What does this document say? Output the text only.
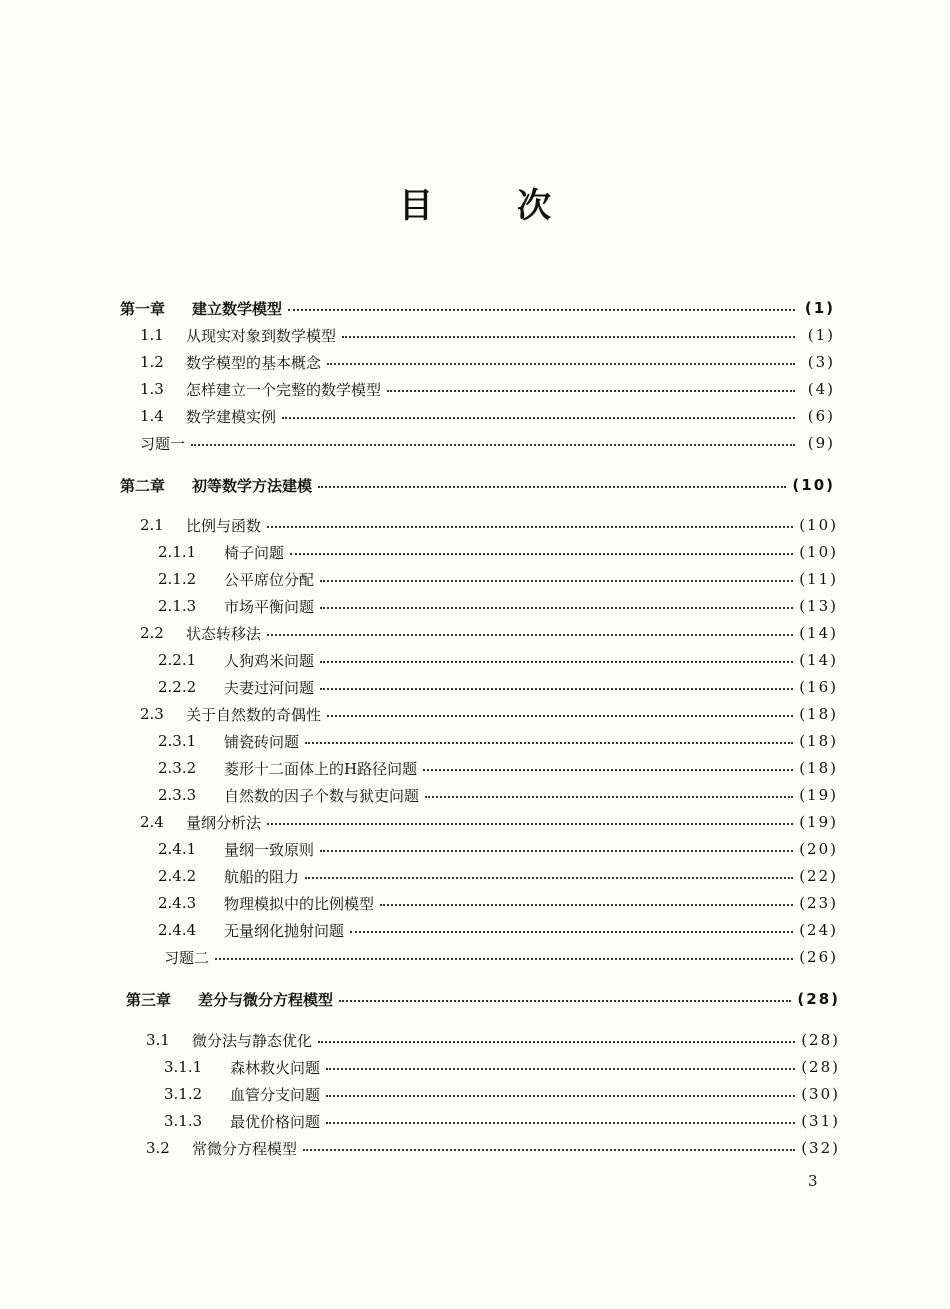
目 次
第一章	建立数学模型	(1)
1.1	从现实对象到数学模型	(1)
1.2	数学模型的基本概念	(3)
1.3	怎样建立一个完整的数学模型	(4)
1.4	数学建模实例	(6)
习题一	(9)
第二章	初等数学方法建模	(10)
2.1	比例与函数	(10)
2.1.1	椅子问题	(10)
2.1.2	公平席位分配	(11)
2.1.3	市场平衡问题	(13)
2.2	状态转移法	(14)
2.2.1	人狗鸡米问题	(14)
2.2.2	夫妻过河问题	(16)
2.3	关于自然数的奇偶性	(18)
2.3.1	铺瓷砖问题	(18)
2.3.2	菱形十二面体上的H路径问题	(18)
2.3.3	自然数的因子个数与狱吏问题	(19)
2.4	量纲分析法	(19)
2.4.1	量纲一致原则	(20)
2.4.2	航船的阻力	(22)
2.4.3	物理模拟中的比例模型	(23)
2.4.4	无量纲化抛射问题	(24)
习题二	(26)
第三章	差分与微分方程模型	(28)
3.1	微分法与静态优化	(28)
3.1.1	森林救火问题	(28)
3.1.2	血管分支问题	(30)
3.1.3	最优价格问题	(31)
3.2	常微分方程模型	(32)
3
